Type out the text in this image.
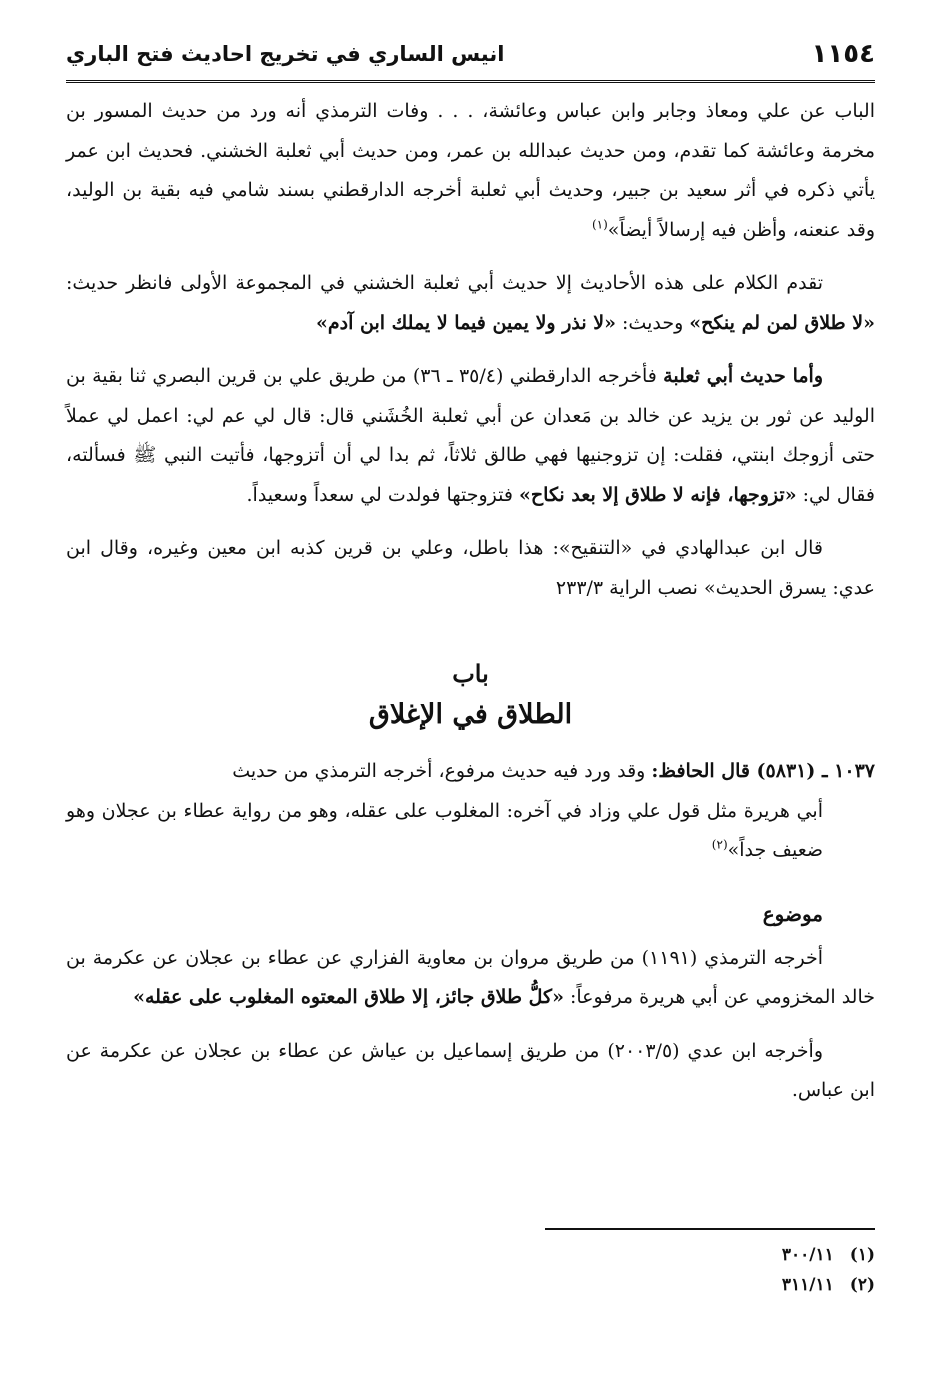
١١٥٤
انيس الساري في تخريج احاديث فتح الباري

الباب عن علي ومعاذ وجابر وابن عباس وعائشة، . . . وفات الترمذي أنه ورد من حديث المسور بن مخرمة وعائشة كما تقدم، ومن حديث عبدالله بن عمر، ومن حديث أبي ثعلبة الخشني. فحديث ابن عمر يأتي ذكره في أثر سعيد بن جبير، وحديث أبي ثعلبة أخرجه الدارقطني بسند شامي فيه بقية بن الوليد، وقد عنعنه، وأظن فيه إرسالاً أيضاً»$^{(١)}$

تقدم الكلام على هذه الأحاديث إلا حديث أبي ثعلبة الخشني في المجموعة الأولى فانظر حديث: «لا طلاق لمن لم ينكح» وحديث: «لا نذر ولا يمين فيما لا يملك ابن آدم»

وأما حديث أبي ثعلبة فأخرجه الدارقطني (٣٥/٤ ـ ٣٦) من طريق علي بن قرين البصري ثنا بقية بن الوليد عن ثور بن يزيد عن خالد بن مَعدان عن أبي ثعلبة الخُشَني قال: قال لي عم لي: اعمل لي عملاً حتى أزوجك ابنتي، فقلت: إن تزوجنيها فهي طالق ثلاثاً، ثم بدا لي أن أتزوجها، فأتيت النبي ﷺ فسألته، فقال لي: «تزوجها، فإنه لا طلاق إلا بعد نكاح» فتزوجتها فولدت لي سعداً وسعيداً.

قال ابن عبدالهادي في «التنقيح»: هذا باطل، وعلي بن قرين كذبه ابن معين وغيره، وقال ابن عدي: يسرق الحديث» نصب الراية ٢٣٣/٣

باب
الطلاق في الإغلاق

١٠٣٧ ـ (٥٨٣١) قال الحافظ: وقد ورد فيه حديث مرفوع، أخرجه الترمذي من حديث

أبي هريرة مثل قول علي وزاد في آخره: المغلوب على عقله، وهو من رواية عطاء بن عجلان وهو ضعيف جداً»$^{(٢)}$

موضوع

أخرجه الترمذي (١١٩١) من طريق مروان بن معاوية الفزاري عن عطاء بن عجلان عن عكرمة بن خالد المخزومي عن أبي هريرة مرفوعاً: «كلُّ طلاق جائز، إلا طلاق المعتوه المغلوب على عقله»

وأخرجه ابن عدي (٢٠٠٣/٥) من طريق إسماعيل بن عياش عن عطاء بن عجلان عن عكرمة عن ابن عباس.

(١)
٣٠٠/١١
(٢)
٣١١/١١
